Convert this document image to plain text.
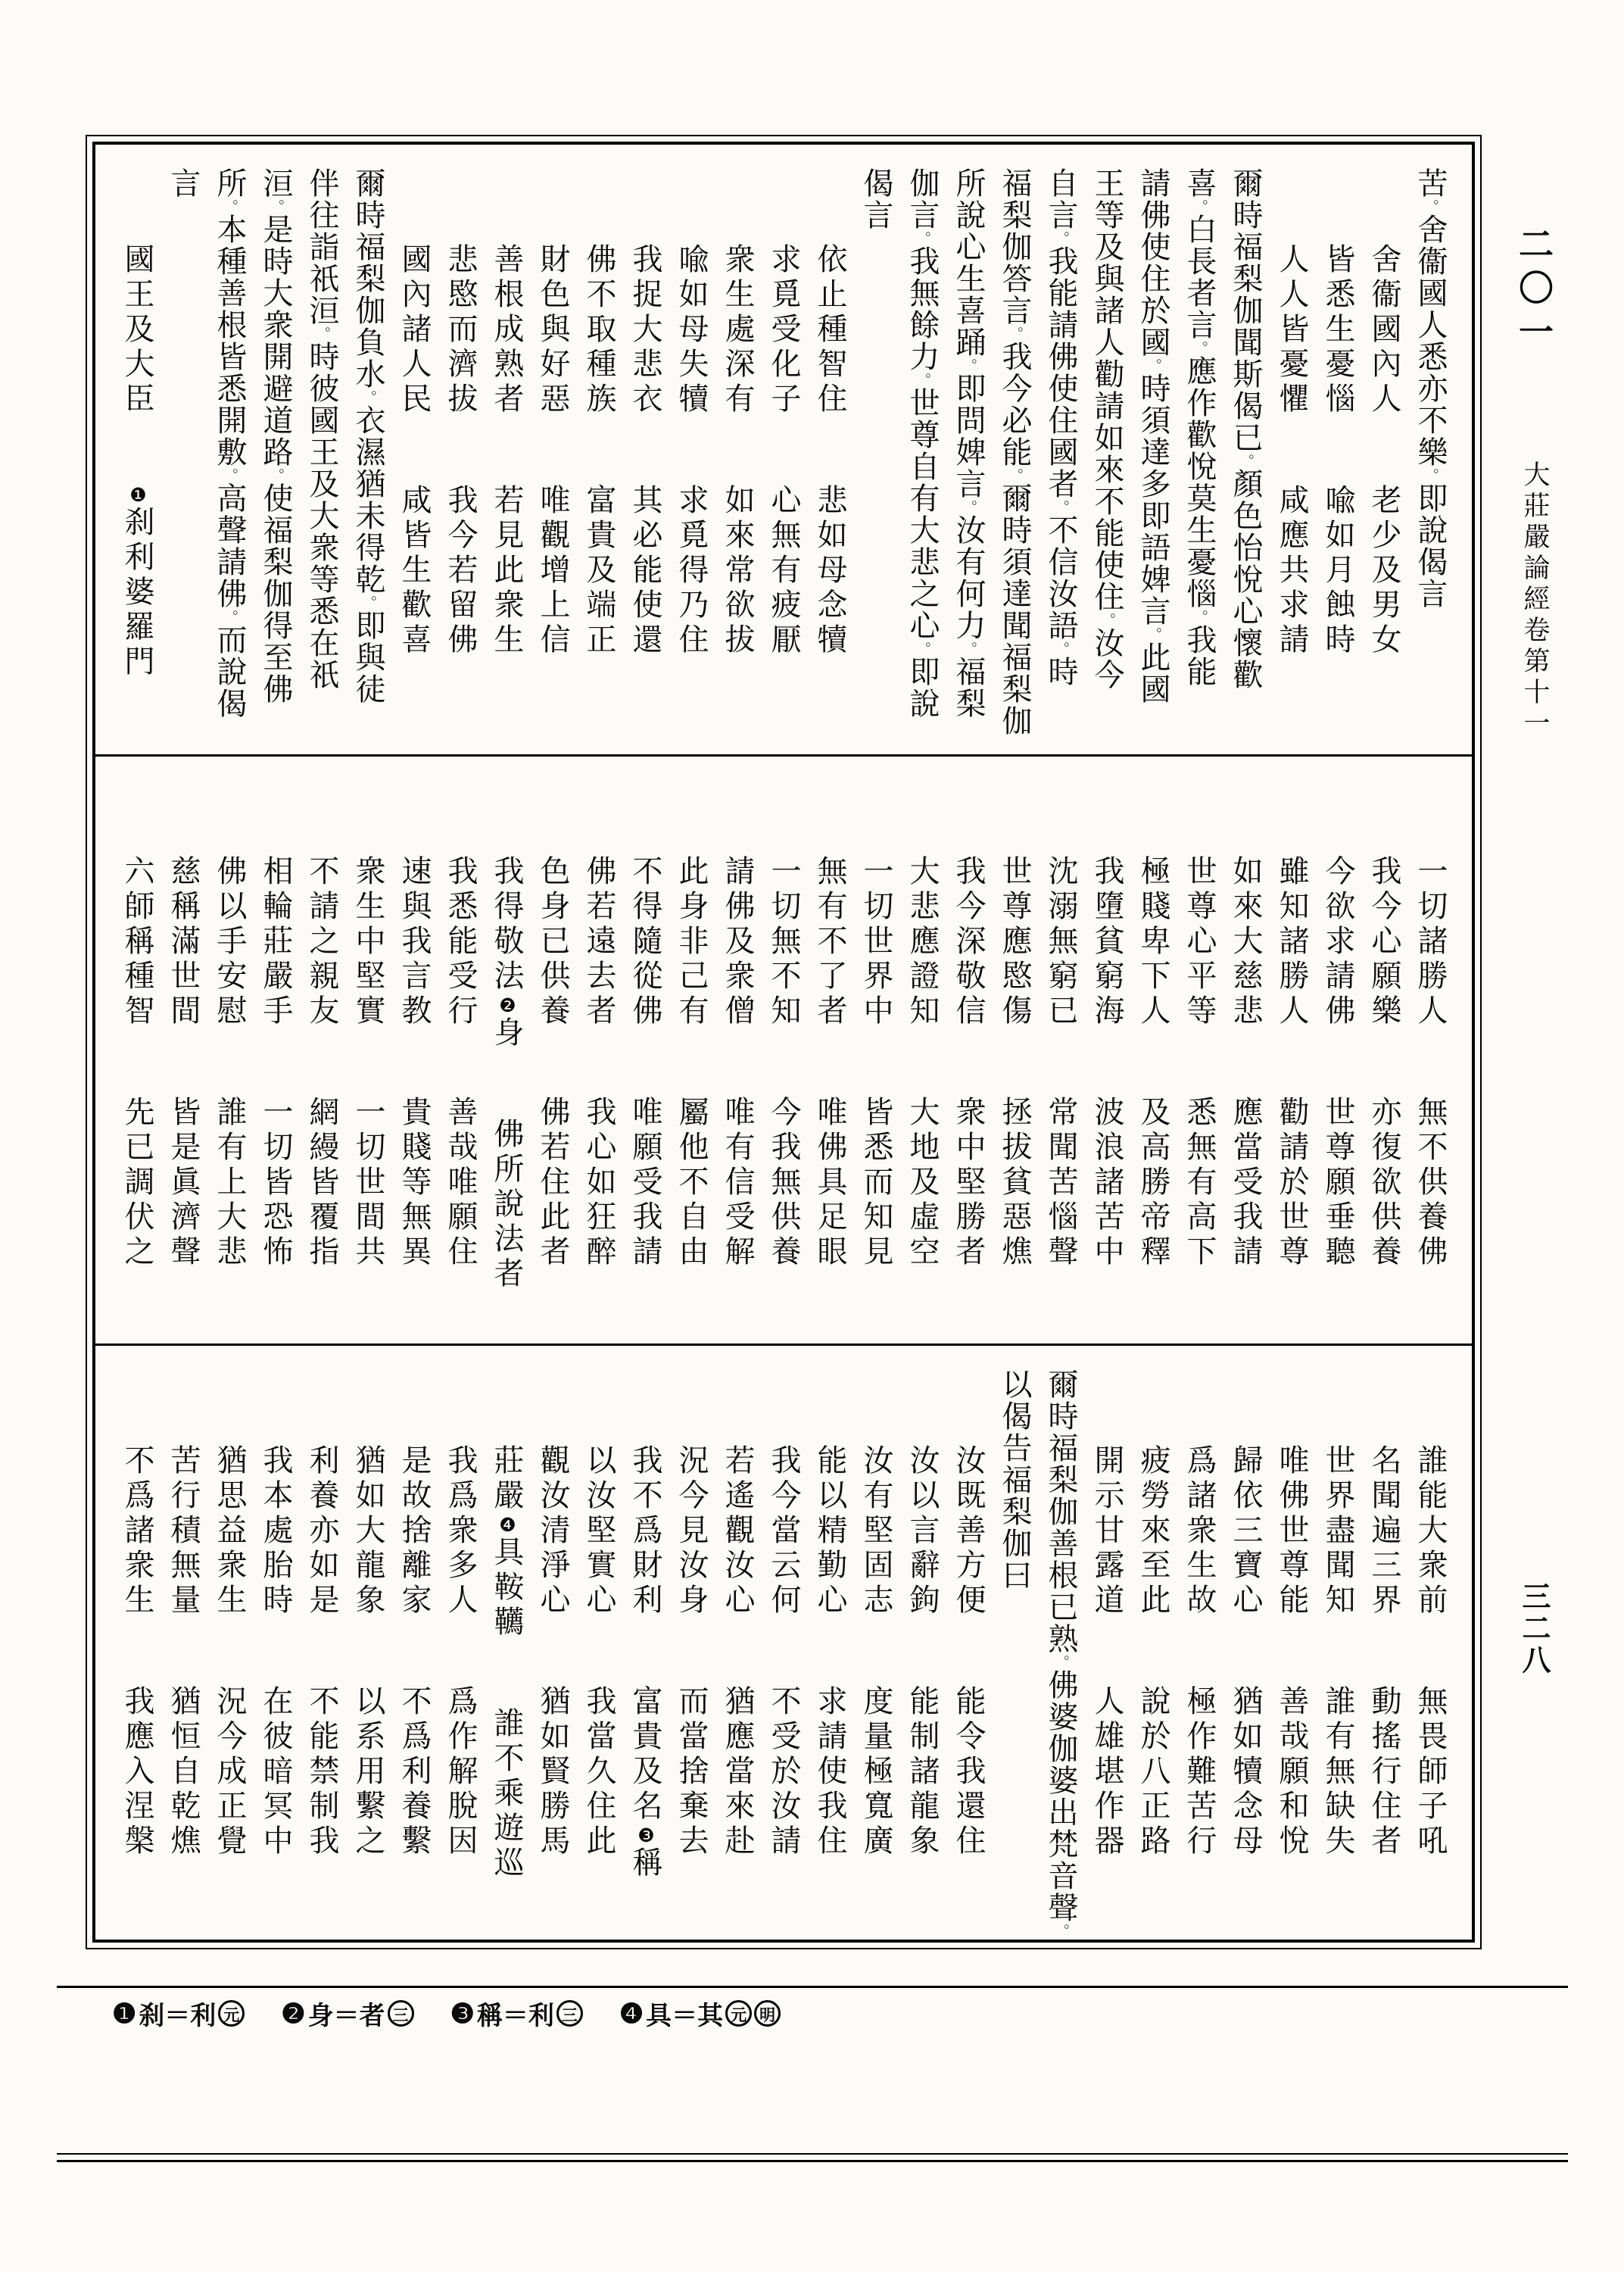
苦。舍衞國人悉亦不樂。即說偈言
舍衞國內人老少及男女
皆悉生憂惱喩如月蝕時
人人皆憂懼咸應共求請
爾時福梨伽聞斯偈已。顏色怡悅心懷歡
喜。白長者言。應作歡悅莫生憂惱。我能
請佛使住於國。時須達多即語婢言。此國
王等及與諸人勸請如來不能使住。汝今
自言。我能請佛使住國者。不信汝語。時
福梨伽答言。我今必能。爾時須達聞福梨伽
所說心生喜踊。即問婢言。汝有何力。福梨
伽言。我無餘力。世尊自有大悲之心。即說
偈言
依止種智住悲如母念犢
求覓受化子心無有疲厭
衆生處深有如來常欲拔
喩如母失犢求覓得乃住
我捉大悲衣其必能使還
佛不取種族富貴及端正
財色與好惡唯觀增上信
善根成熟者若見此衆生
悲愍而濟拔我今若留佛
國內諸人民咸皆生歡喜
爾時福梨伽負水。衣濕猶未得乾。即與徒
伴往詣祇洹。時彼國王及大衆等悉在祇
洹。是時大衆開避道路。使福梨伽得至佛
所。本種善根皆悉開敷。高聲請佛。而說偈
言
國王及大臣❶刹利婆羅門
一切諸勝人無不供養佛
我今心願樂亦復欲供養
今欲求請佛世尊願垂聽
雖知諸勝人勸請於世尊
如來大慈悲應當受我請
世尊心平等悉無有高下
極賤卑下人及高勝帝釋
我墮貧窮海波浪諸苦中
沈溺無窮已常聞苦惱聲
世尊應愍傷拯拔貧惡燋
我今深敬信衆中堅勝者
大悲應證知大地及虛空
一切世界中皆悉而知見
無有不了者唯佛具足眼
一切無不知今我無供養
請佛及衆僧唯有信受解
此身非己有屬他不自由
不得隨從佛唯願受我請
佛若遠去者我心如狂醉
色身已供養佛若住此者
我得敬法❷身佛所說法者
我悉能受行善哉唯願住
速與我言教貴賤等無異
衆生中堅實一切世間共
不請之親友網縵皆覆指
相輪莊嚴手一切皆恐怖
佛以手安慰誰有上大悲
慈稱滿世間皆是眞濟聲
六師稱種智先已調伏之
誰能大衆前無畏師子吼
名聞遍三界動搖行住者
世界盡聞知誰有無缺失
唯佛世尊能善哉願和悅
歸依三寶心猶如犢念母
爲諸衆生故極作難苦行
疲勞來至此說於八正路
開示甘露道人雄堪作器
爾時福梨伽善根已熟。佛婆伽婆出梵音聲。
以偈告福梨伽曰
汝既善方便能令我還住
汝以言辭鉤能制諸龍象
汝有堅固志度量極寬廣
能以精勤心求請使我住
我今當云何不受於汝請
若遙觀汝心猶應當來赴
況今見汝身而當捨棄去
我不爲財利富貴及名❸稱
以汝堅實心我當久住此
觀汝清淨心猶如賢勝馬
莊嚴❹具鞍韉誰不乘遊巡
我爲衆多人爲作解脫因
是故捨離家不爲利養繫
猶如大龍象以系用繫之
利養亦如是不能禁制我
我本處胎時在彼暗冥中
猶思益衆生況今成正覺
苦行積無量猶恒自乾燋
不爲諸衆生我應入涅槃
二〇一
大莊嚴論經卷第十一
三二八
❶ 刹＝利 元 ❷ 身＝者 三 ❸ 稱＝利 三 ❹ 具＝其 元 明
